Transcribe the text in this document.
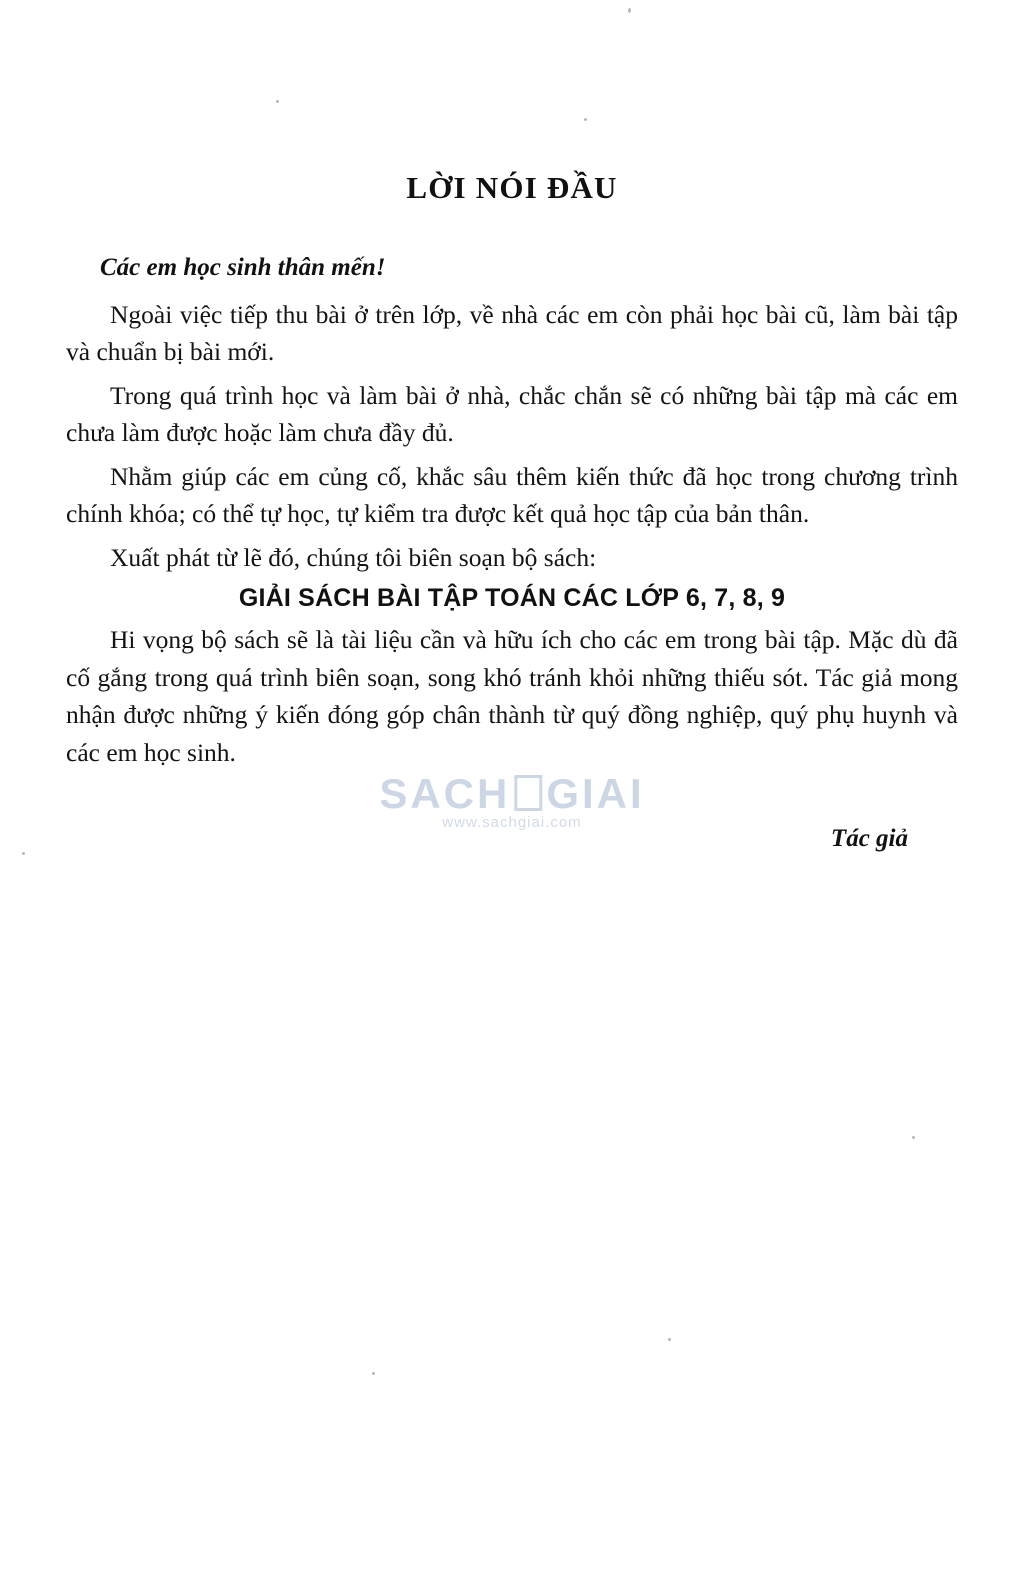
LỜI NÓI ĐẦU

Các em học sinh thân mến!

Ngoài việc tiếp thu bài ở trên lớp, về nhà các em còn phải học bài cũ, làm bài tập và chuẩn bị bài mới.

Trong quá trình học và làm bài ở nhà, chắc chắn sẽ có những bài tập mà các em chưa làm được hoặc làm chưa đầy đủ.

Nhằm giúp các em củng cố, khắc sâu thêm kiến thức đã học trong chương trình chính khóa; có thể tự học, tự kiểm tra được kết quả học tập của bản thân.

Xuất phát từ lẽ đó, chúng tôi biên soạn bộ sách:

GIẢI SÁCH BÀI TẬP TOÁN CÁC LỚP 6, 7, 8, 9

Hi vọng bộ sách sẽ là tài liệu cần và hữu ích cho các em trong bài tập. Mặc dù đã cố gắng trong quá trình biên soạn, song khó tránh khỏi những thiếu sót. Tác giả mong nhận được những ý kiến đóng góp chân thành từ quý đồng nghiệp, quý phụ huynh và các em học sinh.

Tác giả

SACH GIAI
www.sachgiai.com
